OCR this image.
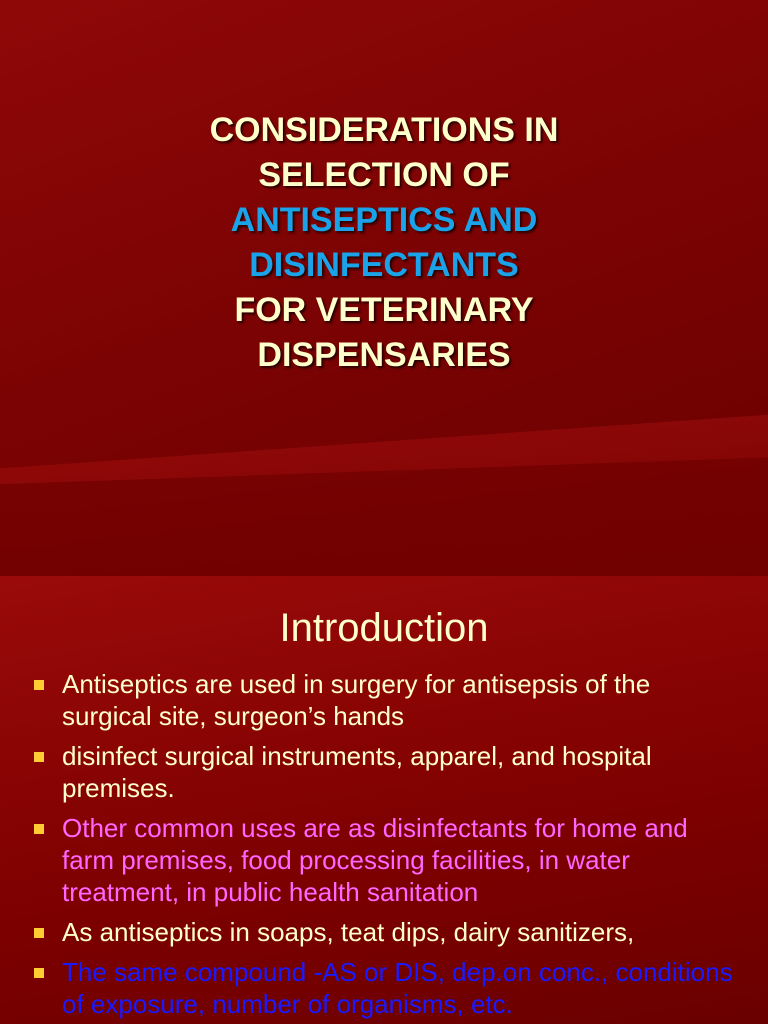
CONSIDERATIONS IN
SELECTION OF
ANTISEPTICS AND
DISINFECTANTS
FOR VETERINARY
DISPENSARIES
Introduction
Antiseptics are used in surgery for antisepsis of the surgical site, surgeon’s hands
disinfect surgical instruments, apparel, and hospital premises.
Other common uses are as disinfectants for home and farm premises, food processing facilities, in water treatment, in public health sanitation
As antiseptics in soaps, teat dips, dairy sanitizers,
The same compound -AS or DIS, dep.on conc., conditions of exposure, number of organisms, etc.
